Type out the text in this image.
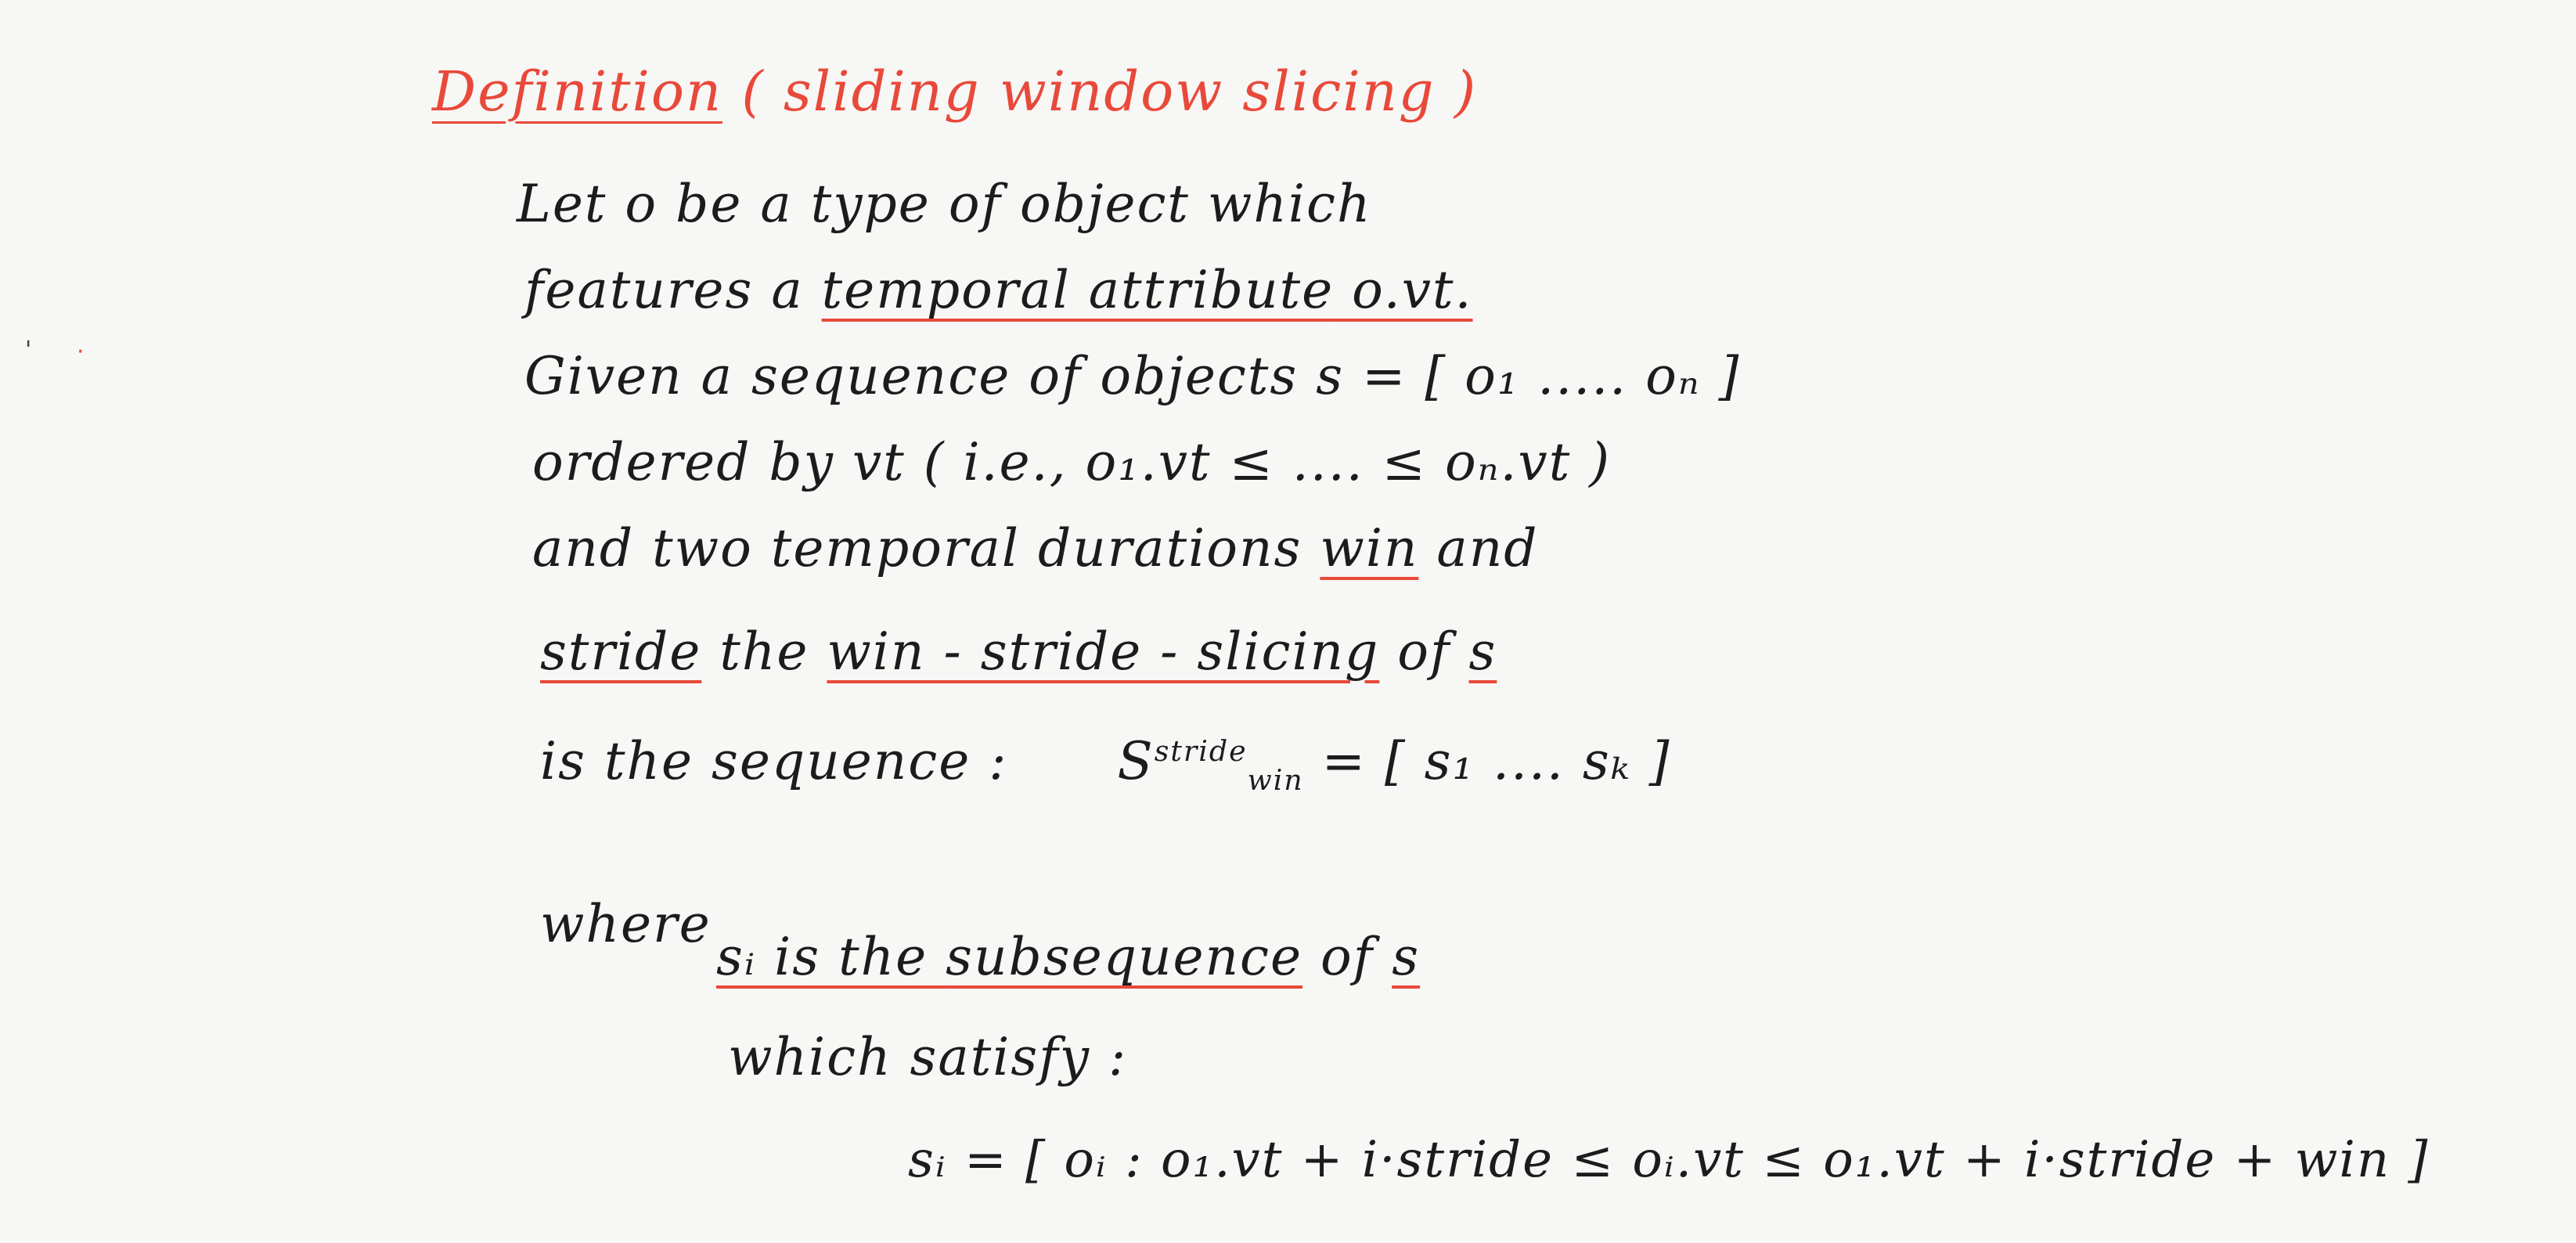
Definition ( sliding window slicing )
Let o be a type of object which
features a temporal attribute o.vt.
Given a sequence of objects s = [ o₁ ..... oₙ ]
ordered by vt ( i.e., o₁.vt ≤ .... ≤ oₙ.vt )
and two temporal durations win and
stride the win - stride - slicing of s
is the sequence : $S^{stride}_{win}$ = [ s₁ .... sₖ ]
where
sᵢ is the subsequence of s
which satisfy :
sᵢ = [ oᵢ : o₁.vt + i·stride ≤ oᵢ.vt ≤ o₁.vt + i·stride + win ]
' ·
